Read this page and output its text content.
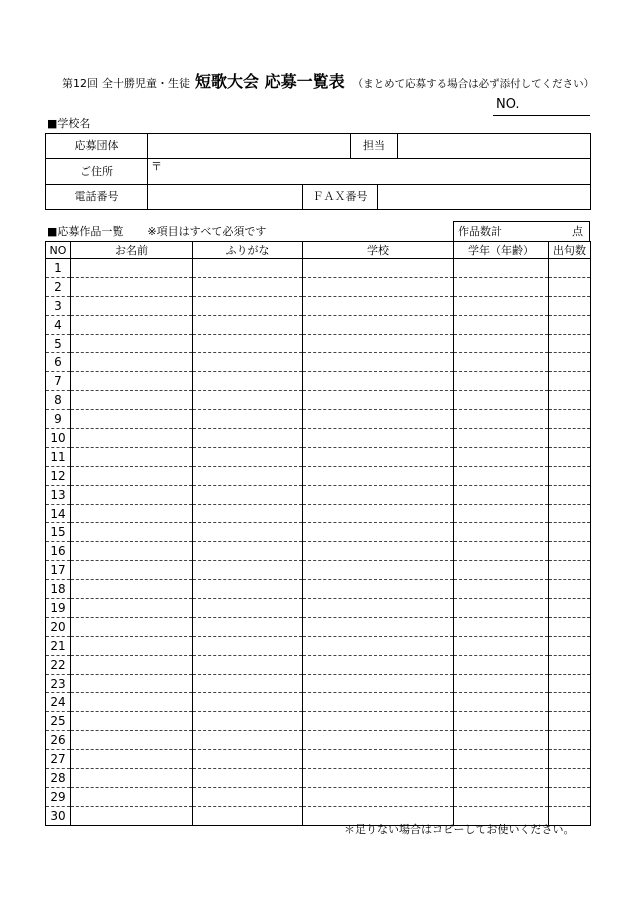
第12回 全十勝児童・生徒 短歌大会 応募一覧表 （まとめて応募する場合は必ず添付してください）
NO.
■学校名
応募団体			担当		
ご住所	〒				
電話番号		ＦＡＸ番号			
■応募作品一覧 ※項目はすべて必須です	作品数計	点
NO	お名前	ふりがな	学校	学年（年齢）	出句数
1					
2					
3					
4					
5					
6					
7					
8					
9					
10					
11					
12					
13					
14					
15					
16					
17					
18					
19					
20					
21					
22					
23					
24					
25					
26					
27					
28					
29					
30					
＊足りない場合はコピーしてお使いください。
